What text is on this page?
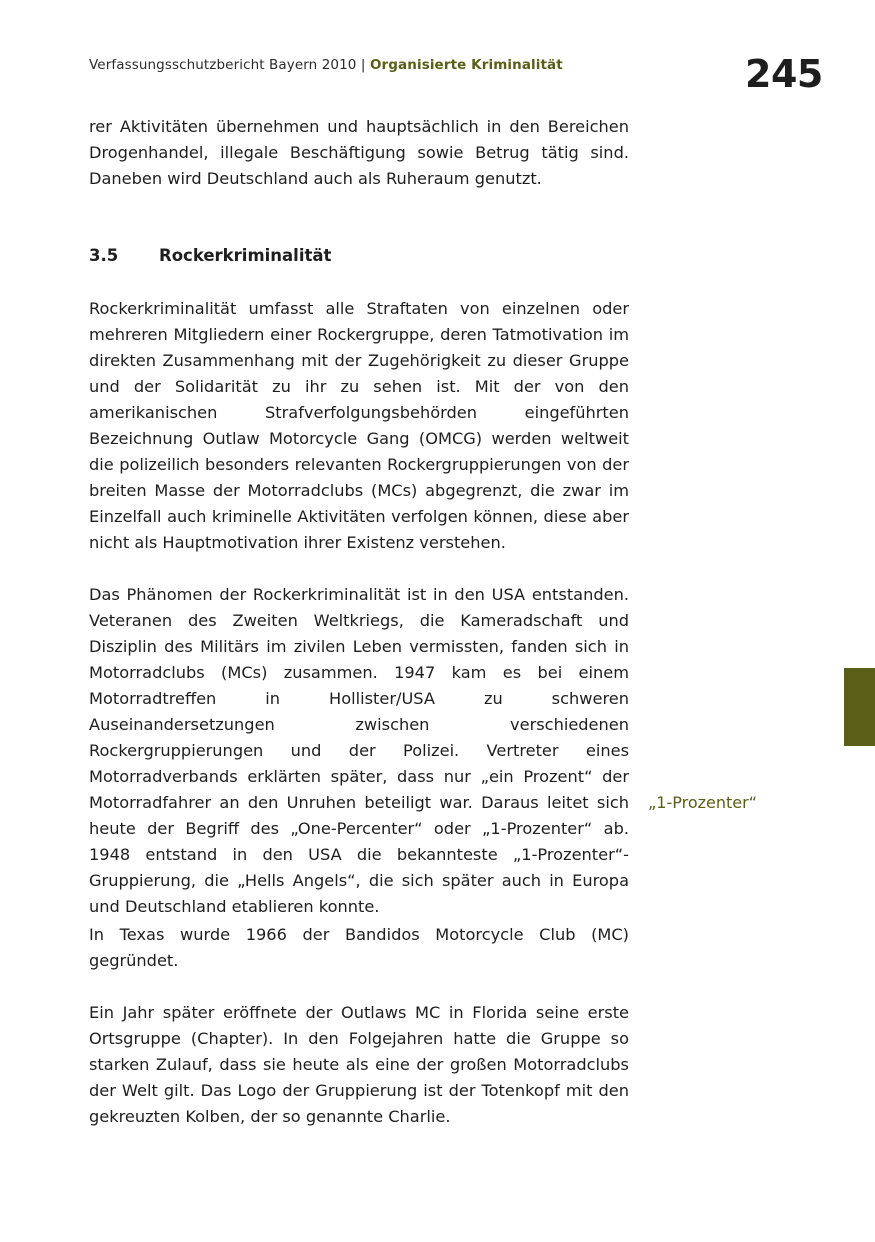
Verfassungsschutzbericht Bayern 2010 | Organisierte Kriminalität	245
rer Aktivitäten übernehmen und hauptsächlich in den Bereichen Drogenhandel, illegale Beschäftigung sowie Betrug tätig sind. Daneben wird Deutschland auch als Ruheraum genutzt.
3.5 Rockerkriminalität
Rockerkriminalität umfasst alle Straftaten von einzelnen oder mehreren Mitgliedern einer Rockergruppe, deren Tatmotivation im direkten Zusammenhang mit der Zugehörigkeit zu dieser Gruppe und der Solidarität zu ihr zu sehen ist. Mit der von den amerikanischen Strafverfolgungsbehörden eingeführten Bezeichnung Outlaw Motorcycle Gang (OMCG) werden weltweit die polizeilich besonders relevanten Rockergruppierungen von der breiten Masse der Motorradclubs (MCs) abgegrenzt, die zwar im Einzelfall auch kriminelle Aktivitäten verfolgen können, diese aber nicht als Hauptmotivation ihrer Existenz verstehen.
Das Phänomen der Rockerkriminalität ist in den USA entstanden. Veteranen des Zweiten Weltkriegs, die Kameradschaft und Disziplin des Militärs im zivilen Leben vermissten, fanden sich in Motorradclubs (MCs) zusammen. 1947 kam es bei einem Motorradtreffen in Hollister/USA zu schweren Auseinandersetzungen zwischen verschiedenen Rockergruppierungen und der Polizei. Vertreter eines Motorradverbands erklärten später, dass nur „ein Prozent“ der Motorradfahrer an den Unruhen beteiligt war. Daraus leitet sich heute der Begriff des „One-Percenter“ oder „1-Prozenter“ ab. 1948 entstand in den USA die bekannteste „1-Prozenter“-Gruppierung, die „Hells Angels“, die sich später auch in Europa und Deutschland etablieren konnte.
„1-Prozenter“
In Texas wurde 1966 der Bandidos Motorcycle Club (MC) gegründet.
Ein Jahr später eröffnete der Outlaws MC in Florida seine erste Ortsgruppe (Chapter). In den Folgejahren hatte die Gruppe so starken Zulauf, dass sie heute als eine der großen Motorradclubs der Welt gilt. Das Logo der Gruppierung ist der Totenkopf mit den gekreuzten Kolben, der so genannte Charlie.
